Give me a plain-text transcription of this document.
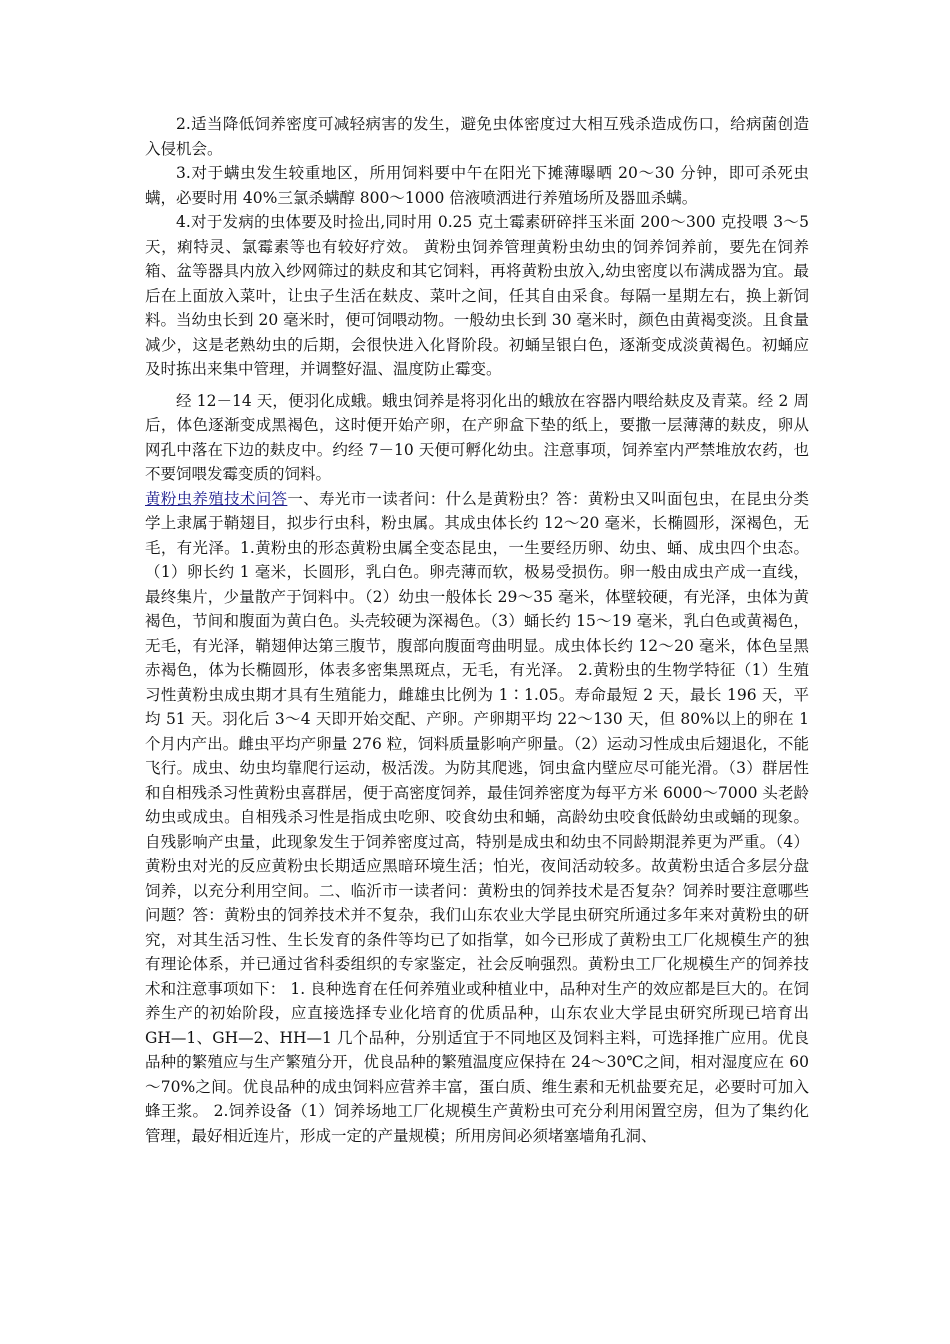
2.适当降低饲养密度可减轻病害的发生，避免虫体密度过大相互残杀造成伤口，给病菌创造入侵机会。

3.对于螨虫发生较重地区，所用饲料要中午在阳光下摊薄曝晒 20～30 分钟，即可杀死虫螨，必要时用 40%三氯杀螨醇 800～1000 倍液喷洒进行养殖场所及器皿杀螨。

4.对于发病的虫体要及时捡出,同时用 0.25 克土霉素研碎拌玉米面 200～300 克投喂 3～5 天，痢特灵、氯霉素等也有较好疗效。 黄粉虫饲养管理黄粉虫幼虫的饲养饲养前，要先在饲养箱、盆等器具内放入纱网筛过的麸皮和其它饲料，再将黄粉虫放入,幼虫密度以布满成器为宜。最后在上面放入菜叶，让虫子生活在麸皮、菜叶之间，任其自由采食。每隔一星期左右，换上新饲料。当幼虫长到 20 毫米时，便可饲喂动物。一般幼虫长到 30 毫米时，颜色由黄褐变淡。且食量减少，这是老熟幼虫的后期，会很快进入化肾阶段。初蛹呈银白色，逐渐变成淡黄褐色。初蛹应及时拣出来集中管理，并调整好温、温度防止霉变。

经 12－14 天，便羽化成蛾。蛾虫饲养是将羽化出的蛾放在容器内喂给麸皮及青菜。经 2 周后，体色逐渐变成黑褐色，这时便开始产卵，在产卵盒下垫的纸上，要撒一层薄薄的麸皮，卵从网孔中落在下边的麸皮中。约经 7－10 天便可孵化幼虫。注意事项，饲养室内严禁堆放农药，也不要饲喂发霉变质的饲料。

黄粉虫养殖技术问答一、寿光市一读者问：什么是黄粉虫？答：黄粉虫又叫面包虫，在昆虫分类学上隶属于鞘翅目，拟步行虫科，粉虫属。其成虫体长约 12～20 毫米，长椭圆形，深褐色，无毛，有光泽。1.黄粉虫的形态黄粉虫属全变态昆虫，一生要经历卵、幼虫、蛹、成虫四个虫态。（1）卵长约 1 毫米，长圆形，乳白色。卵壳薄而软，极易受损伤。卵一般由成虫产成一直线，最终集片，少量散产于饲料中。（2）幼虫一般体长 29～35 毫米，体壁较硬，有光泽，虫体为黄褐色，节间和腹面为黄白色。头壳较硬为深褐色。（3）蛹长约 15～19 毫米，乳白色或黄褐色，无毛，有光泽，鞘翅伸达第三腹节，腹部向腹面弯曲明显。成虫体长约 12～20 毫米，体色呈黑赤褐色，体为长椭圆形，体表多密集黑斑点，无毛，有光泽。 2.黄粉虫的生物学特征（1）生殖习性黄粉虫成虫期才具有生殖能力，雌雄虫比例为 1∶1.05。寿命最短 2 天，最长 196 天，平均 51 天。羽化后 3～4 天即开始交配、产卵。产卵期平均 22～130 天，但 80%以上的卵在 1 个月内产出。雌虫平均产卵量 276 粒，饲料质量影响产卵量。（2）运动习性成虫后翅退化，不能飞行。成虫、幼虫均靠爬行运动，极活泼。为防其爬逃，饲虫盒内壁应尽可能光滑。（3）群居性和自相残杀习性黄粉虫喜群居，便于高密度饲养，最佳饲养密度为每平方米 6000～7000 头老龄幼虫或成虫。自相残杀习性是指成虫吃卵、咬食幼虫和蛹，高龄幼虫咬食低龄幼虫或蛹的现象。自残影响产虫量，此现象发生于饲养密度过高，特别是成虫和幼虫不同龄期混养更为严重。（4）黄粉虫对光的反应黄粉虫长期适应黑暗环境生活；怕光，夜间活动较多。故黄粉虫适合多层分盘饲养，以充分利用空间。二、临沂市一读者问：黄粉虫的饲养技术是否复杂？饲养时要注意哪些问题？答：黄粉虫的饲养技术并不复杂，我们山东农业大学昆虫研究所通过多年来对黄粉虫的研究，对其生活习性、生长发育的条件等均已了如指掌，如今已形成了黄粉虫工厂化规模生产的独有理论体系，并已通过省科委组织的专家鉴定，社会反响强烈。黄粉虫工厂化规模生产的饲养技术和注意事项如下： 1. 良种选育在任何养殖业或种植业中，品种对生产的效应都是巨大的。在饲养生产的初始阶段，应直接选择专业化培育的优质品种，山东农业大学昆虫研究所现已培育出 GH—1、GH—2、HH—1 几个品种，分别适宜于不同地区及饲料主料，可选择推广应用。优良品种的繁殖应与生产繁殖分开，优良品种的繁殖温度应保持在 24～30℃之间，相对湿度应在 60～70%之间。优良品种的成虫饲料应营养丰富，蛋白质、维生素和无机盐要充足，必要时可加入蜂王浆。 2.饲养设备（1）饲养场地工厂化规模生产黄粉虫可充分利用闲置空房，但为了集约化管理，最好相近连片，形成一定的产量规模；所用房间必须堵塞墙角孔洞、
